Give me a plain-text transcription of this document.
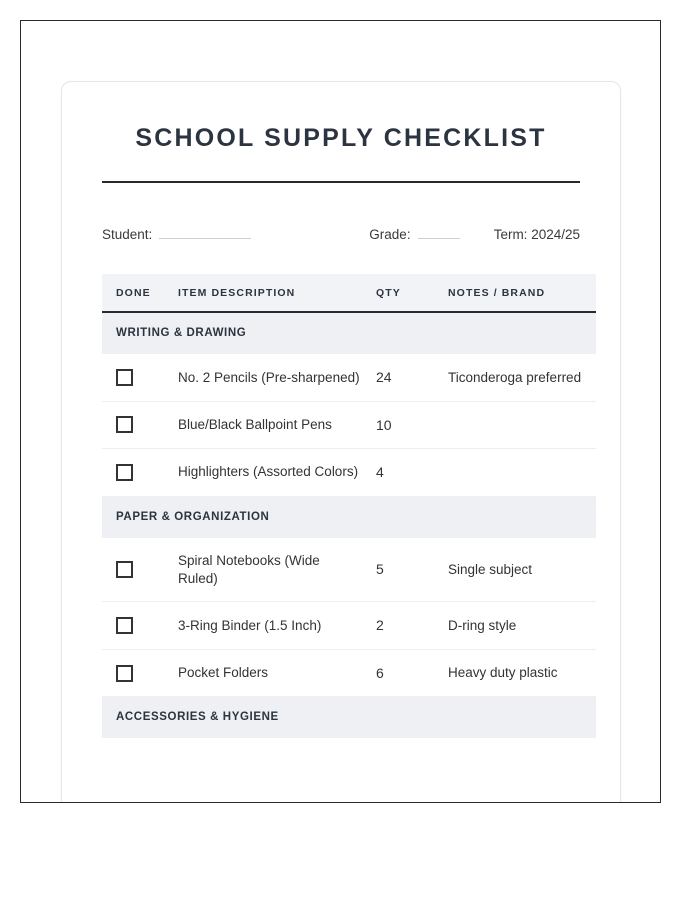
SCHOOL SUPPLY CHECKLIST
Student:	Grade:	Term: 2024/25
DONE	ITEM DESCRIPTION	QTY	NOTES / BRAND
WRITING & DRAWING			

	No. 2 Pencils (Pre-sharpened)	24	Ticonderoga preferred

	Blue/Black Ballpoint Pens	10	

	Highlighters (Assorted Colors)	4	
PAPER & ORGANIZATION			

	Spiral Notebooks (Wide Ruled)	5	Single subject

	3-Ring Binder (1.5 Inch)	2	D-ring style

	Pocket Folders	6	Heavy duty plastic
ACCESSORIES & HYGIENE			
